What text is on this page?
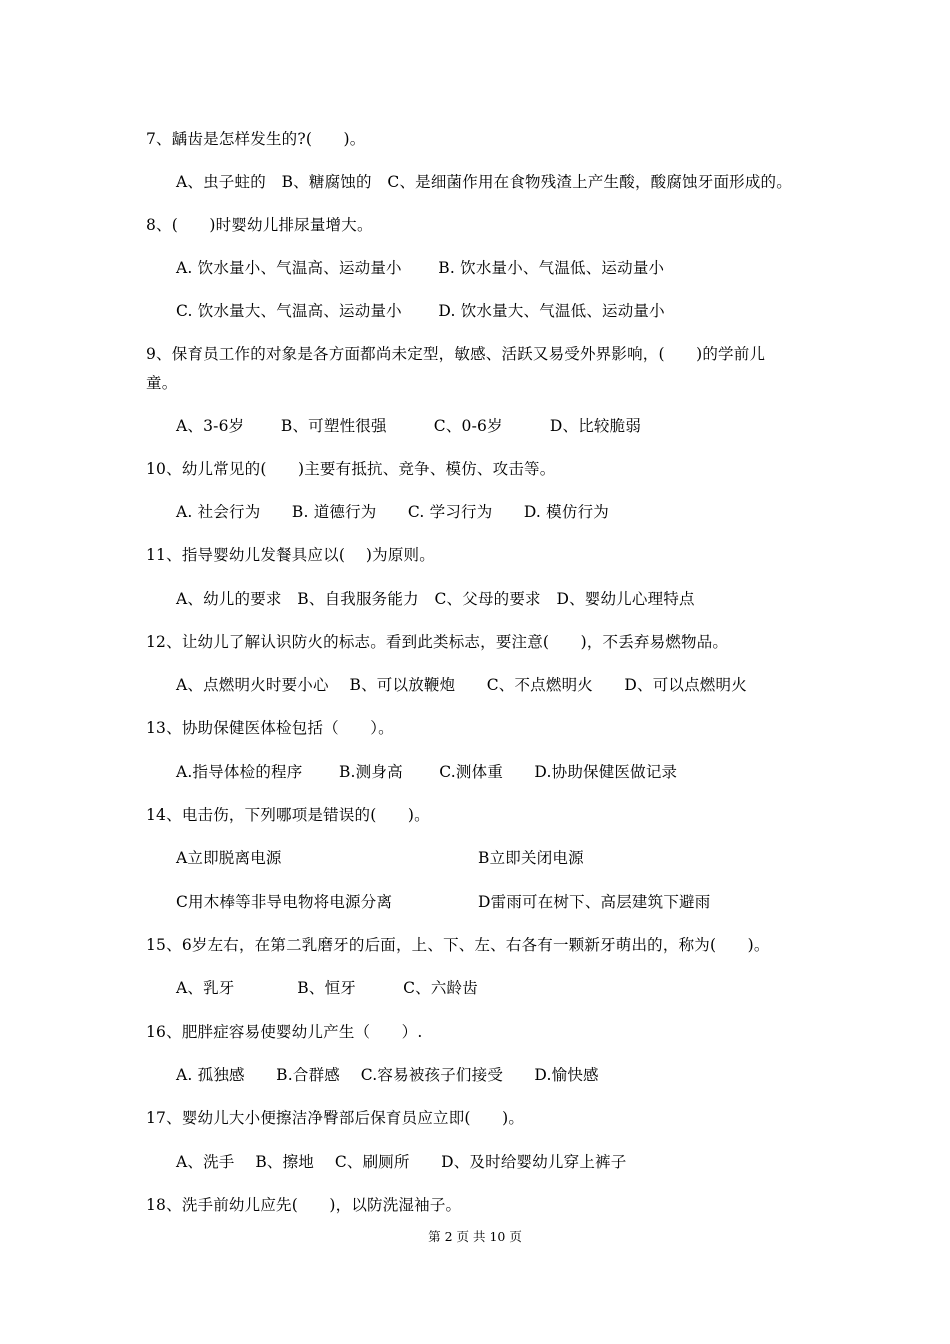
7、龋齿是怎样发生的?(　　)。
A、虫子蛀的　B、糖腐蚀的　C、是细菌作用在食物残渣上产生酸，酸腐蚀牙面形成的。
8、(　　)时婴幼儿排尿量增大。
A. 饮水量小、气温高、运动量小　　 B. 饮水量小、气温低、运动量小
C. 饮水量大、气温高、运动量小　　 D. 饮水量大、气温低、运动量小
9、保育员工作的对象是各方面都尚未定型，敏感、活跃又易受外界影响，(　　)的学前儿
童。
A、3-6岁　　 B、可塑性很强　　　C、0-6岁　　　D、比较脆弱
10、幼儿常见的(　　)主要有抵抗、竞争、模仿、攻击等。
A. 社会行为　　B. 道德行为　　C. 学习行为　　D. 模仿行为
11、指导婴幼儿发餐具应以(　 )为原则。
A、幼儿的要求　B、自我服务能力　C、父母的要求　D、婴幼儿心理特点
12、让幼儿了解认识防火的标志。看到此类标志，要注意(　　)，不丢弃易燃物品。
A、点燃明火时要小心　 B、可以放鞭炮　　C、不点燃明火　　D、可以点燃明火
13、协助保健医体检包括（　　）。
A.指导体检的程序　　 B.测身高　　 C.测体重　　D.协助保健医做记录
14、电击伤，下列哪项是错误的(　　)。
A立即脱离电源	B立即关闭电源
C用木棒等非导电物将电源分离	D雷雨可在树下、高层建筑下避雨
15、6岁左右，在第二乳磨牙的后面，上、下、左、右各有一颗新牙萌出的，称为(　　)。
A、乳牙　　　　B、恒牙　　　C、六龄齿
16、肥胖症容易使婴幼儿产生（　　）.
A. 孤独感　　B.合群感　 C.容易被孩子们接受　　D.愉快感
17、婴幼儿大小便擦洁净臀部后保育员应立即(　　)。
A、洗手　 B、擦地　 C、刷厕所　　D、及时给婴幼儿穿上裤子
18、洗手前幼儿应先(　　)，以防洗湿袖子。
第 2 页 共 10 页
